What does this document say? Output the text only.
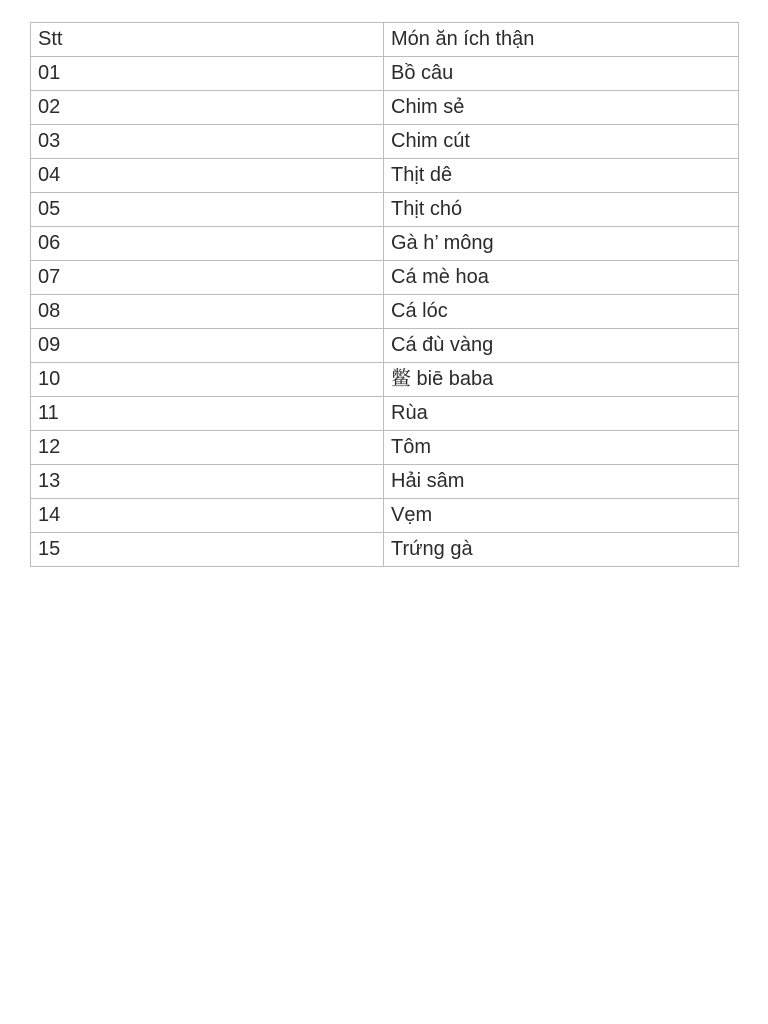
Stt	Món ăn ích thận
01	Bồ câu
02	Chim sẻ
03	Chim cút
04	Thịt dê
05	Thịt chó
06	Gà h’ mông
07	Cá mè hoa
08	Cá lóc
09	Cá đù vàng
10	鳖 biē baba
11	Rùa
12	Tôm
13	Hải sâm
14	Vẹm
15	Trứng gà
